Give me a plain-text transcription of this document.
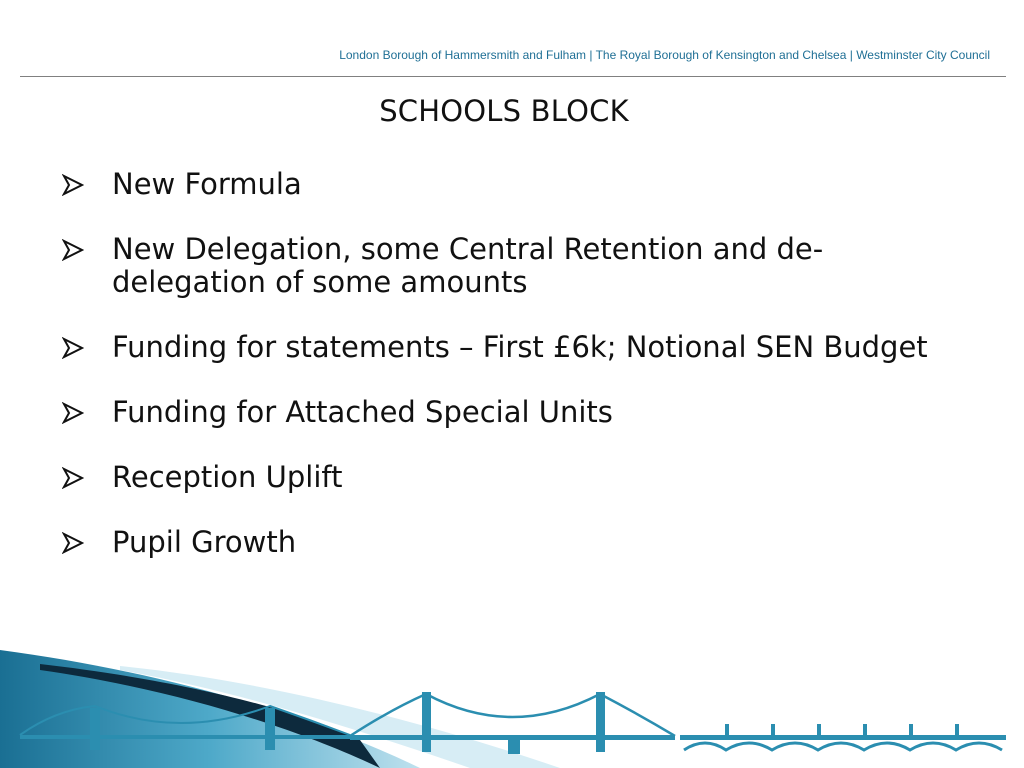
London Borough of Hammersmith and Fulham | The Royal Borough of Kensington and Chelsea | Westminster City Council
SCHOOLS BLOCK
New Formula
New Delegation, some Central Retention and de-delegation of some amounts
Funding for statements – First £6k; Notional SEN Budget
Funding for Attached Special Units
Reception Uplift
Pupil Growth
